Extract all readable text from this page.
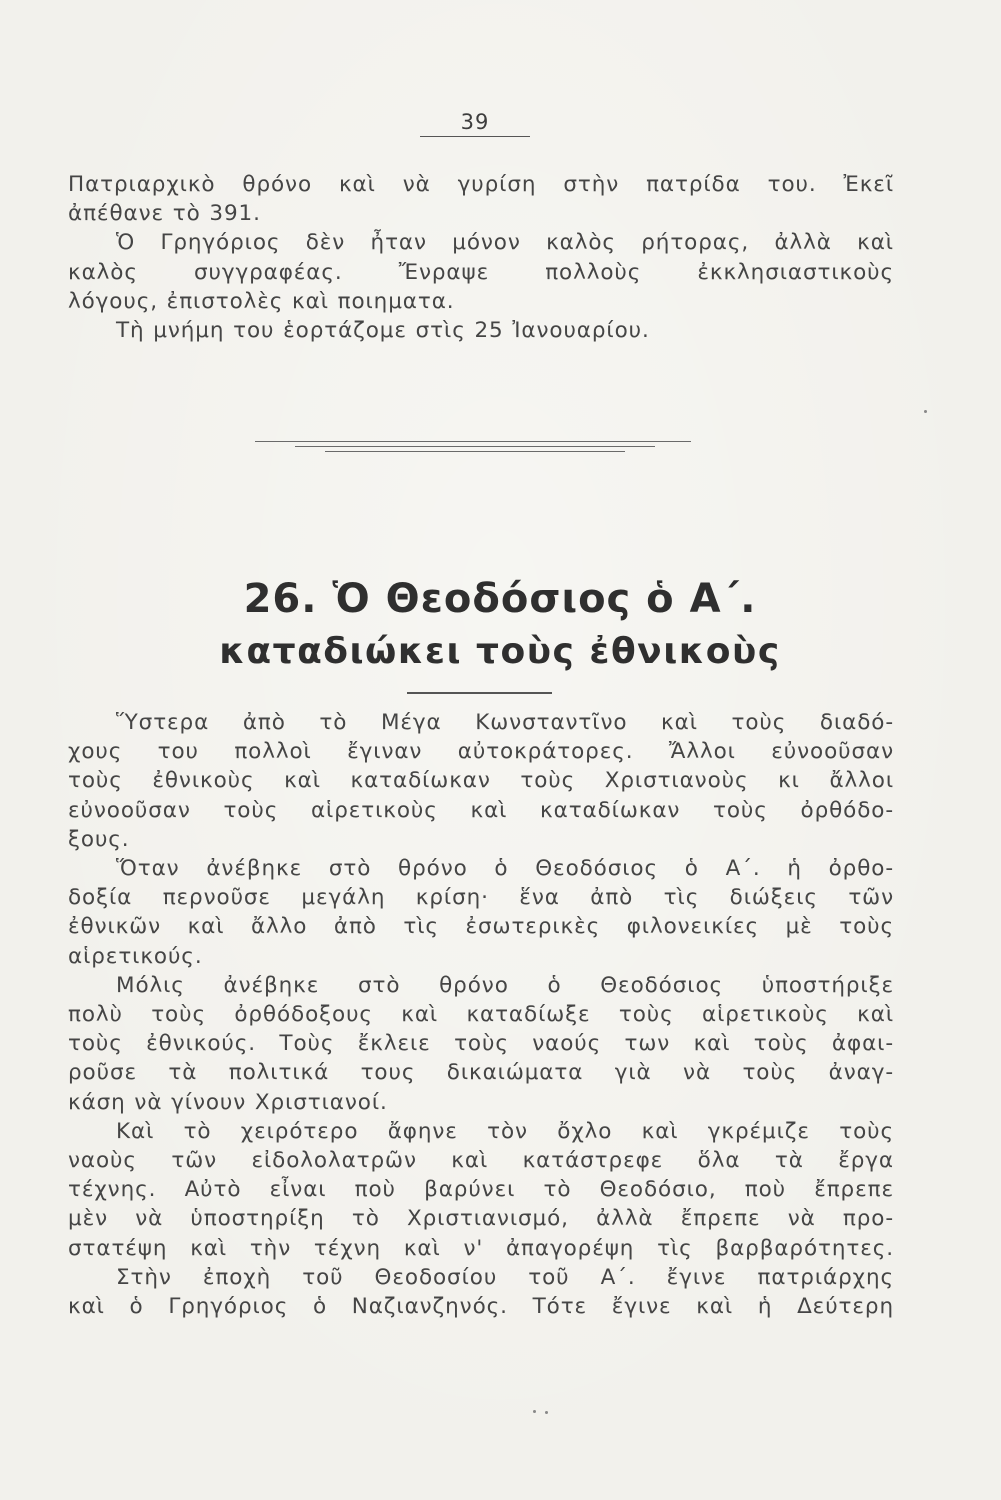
39
Πατριαρχικὸ θρόνο καὶ νὰ γυρίση στὴν πατρίδα του. Ἐκεῖ
ἀπέθανε τὸ 391.
Ὁ Γρηγόριος δὲν ἦταν μόνον καλὸς ρήτορας, ἀλλὰ καὶ
καλὸς συγγραφέας. Ἔνραψε πολλοὺς ἐκκλησιαστικοὺς
λόγους, ἐπιστολὲς καὶ ποιηματα.
Τὴ μνήμη του ἑορτάζομε στὶς 25 Ἰανουαρίου.
26. Ὁ Θεοδόσιος ὁ Α΄.
καταδιώκει τοὺς ἐθνικοὺς
Ὕστερα ἀπὸ τὸ Μέγα Κωνσταντῖνο καὶ τοὺς διαδό-
χους του πολλοὶ ἔγιναν αὐτοκράτορες. Ἄλλοι εὐνοοῦσαν
τοὺς ἐθνικοὺς καὶ καταδίωκαν τοὺς Χριστιανοὺς κι ἄλλοι
εὐνοοῦσαν τοὺς αἱρετικοὺς καὶ καταδίωκαν τοὺς ὀρθόδο-
ξους.
Ὅταν ἀνέβηκε στὸ θρόνο ὁ Θεοδόσιος ὁ Α΄. ἡ ὀρθο-
δοξία περνοῦσε μεγάλη κρίση· ἕνα ἀπὸ τὶς διώξεις τῶν
ἐθνικῶν καὶ ἄλλο ἀπὸ τὶς ἐσωτερικὲς φιλονεικίες μὲ τοὺς
αἱρετικούς.
Μόλις ἀνέβηκε στὸ θρόνο ὁ Θεοδόσιος ὑποστήριξε
πολὺ τοὺς ὀρθόδοξους καὶ καταδίωξε τοὺς αἱρετικοὺς καὶ
τοὺς ἐθνικούς. Τοὺς ἔκλειε τοὺς ναούς των καὶ τοὺς ἀφαι-
ροῦσε τὰ πολιτικά τους δικαιώματα γιὰ νὰ τοὺς ἀναγ-
κάση νὰ γίνουν Χριστιανοί.
Καὶ τὸ χειρότερο ἄφηνε τὸν ὄχλο καὶ γκρέμιζε τοὺς
ναοὺς τῶν εἰδολολατρῶν καὶ κατάστρεφε ὅλα τὰ ἔργα
τέχνης. Αὐτὸ εἶναι ποὺ βαρύνει τὸ Θεοδόσιο, ποὺ ἔπρεπε
μὲν νὰ ὑποστηρίξη τὸ Χριστιανισμό, ἀλλὰ ἔπρεπε νὰ προ-
στατέψη καὶ τὴν τέχνη καὶ ν' ἀπαγορέψη τὶς βαρβαρότητες.
Στὴν ἐποχὴ τοῦ Θεοδοσίου τοῦ Α΄. ἔγινε πατριάρχης
καὶ ὁ Γρηγόριος ὁ Ναζιανζηνός. Τότε ἔγινε καὶ ἡ Δεύτερη
